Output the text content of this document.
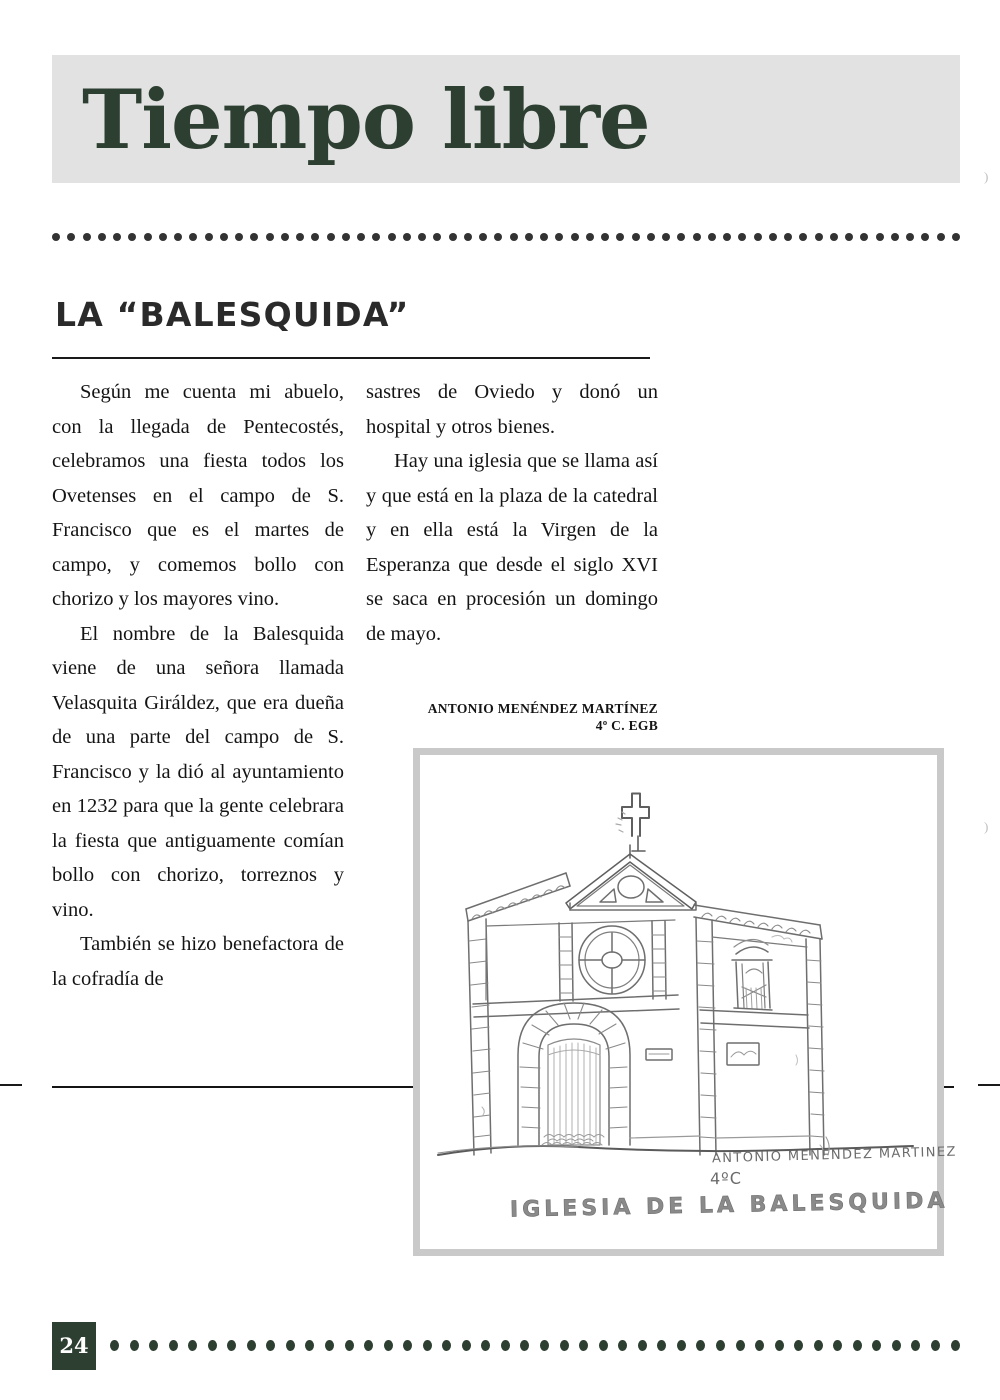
)
)
Tiempo libre
LA “BALESQUIDA”

Según me cuenta mi abuelo, con la llegada de Pentecostés, celebramos una fiesta todos los Ovetenses en el campo de S. Francisco que es el martes de campo, y comemos bollo con chorizo y los mayores vino.

El nombre de la Balesquida viene de una señora llamada Velasquita Giráldez, que era dueña de una parte del campo de S. Francisco y la dió al ayuntamiento en 1232 para que la gente celebrara la fiesta que antiguamente comían bollo con chorizo, torreznos y vino.

También se hizo benefactora de la cofradía de

sastres de Oviedo y donó un hospital y otros bienes.

Hay una iglesia que se llama así y que está en la plaza de la catedral y en ella está la Virgen de la Esperanza que desde el siglo XVI se saca en procesión un domingo de mayo.

ANTONIO MENÉNDEZ MARTÍNEZ
4º C. EGB
ANTONIO MENENDEZ MARTINEZ
4ºC
IGLESIA DE LA BALESQUIDA
24
